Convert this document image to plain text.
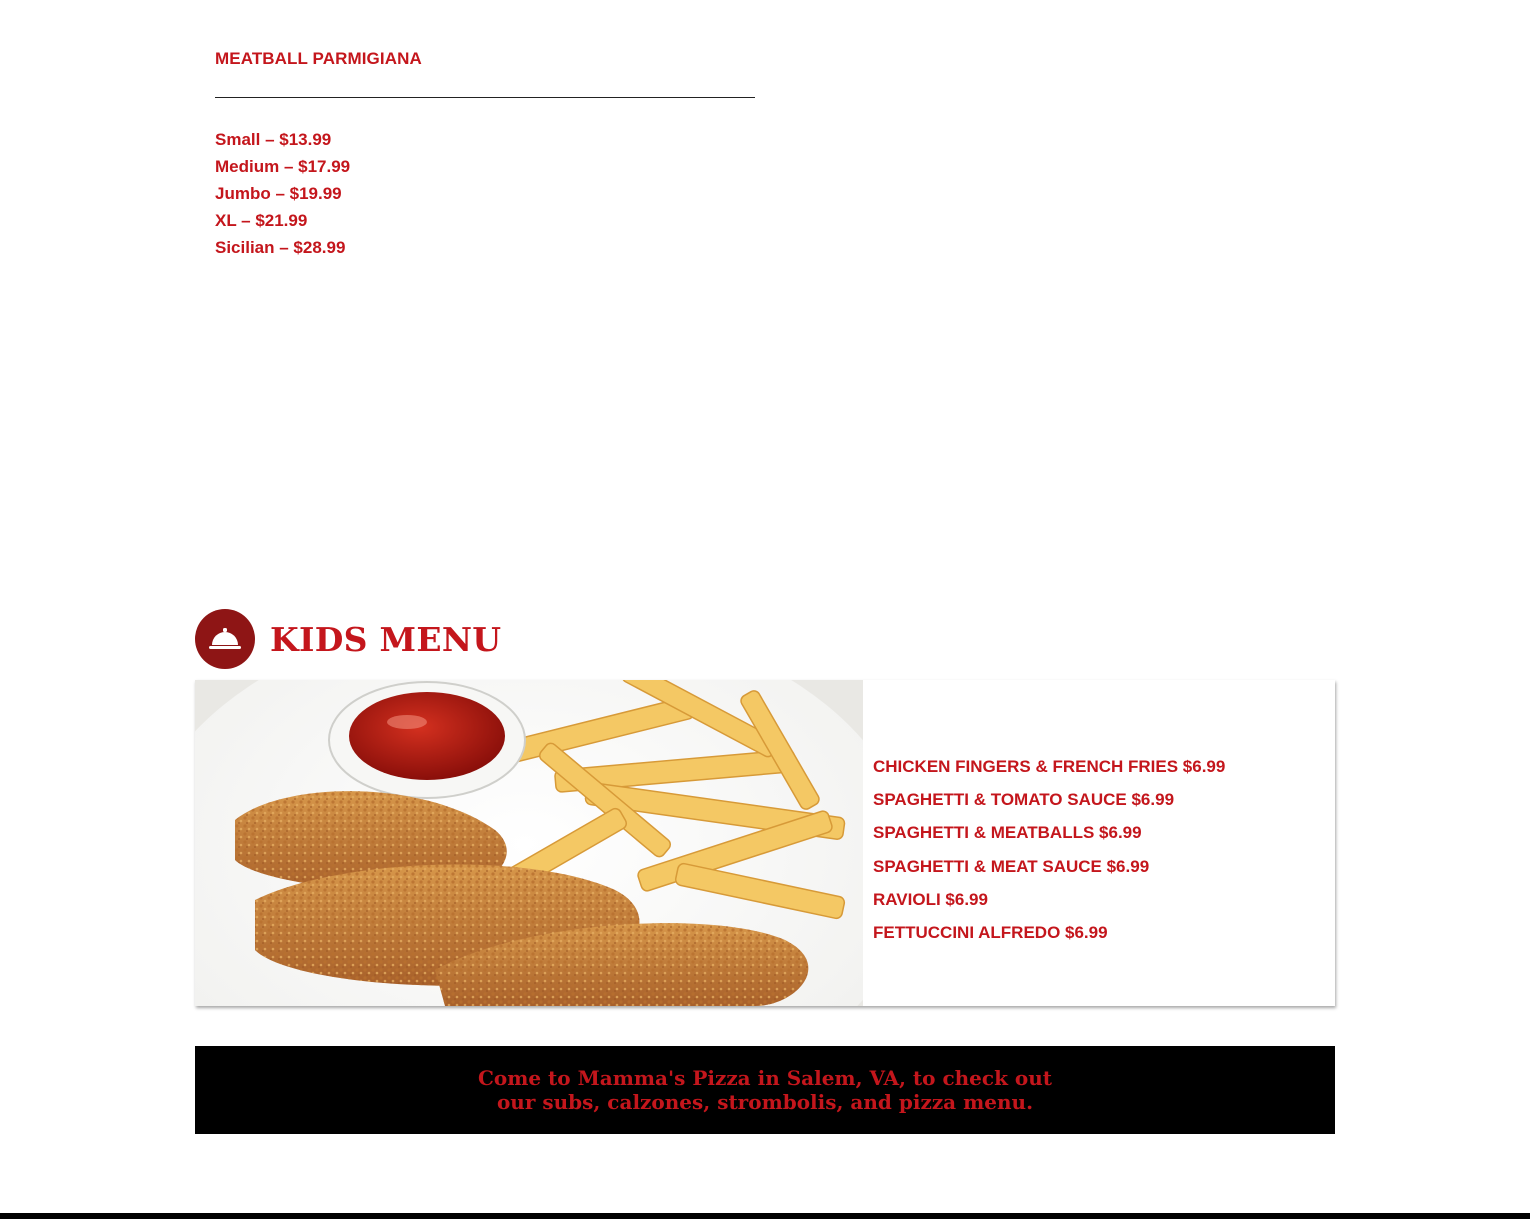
MEATBALL PARMIGIANA
Small – $13.99
Medium – $17.99
Jumbo – $19.99
XL – $21.99
Sicilian – $28.99
KIDS MENU
CHICKEN FINGERS & FRENCH FRIES $6.99
SPAGHETTI & TOMATO SAUCE $6.99
SPAGHETTI & MEATBALLS $6.99
SPAGHETTI & MEAT SAUCE $6.99
RAVIOLI $6.99
FETTUCCINI ALFREDO $6.99
Come to Mamma's Pizza in Salem, VA, to check out
our subs, calzones, strombolis, and pizza menu.
